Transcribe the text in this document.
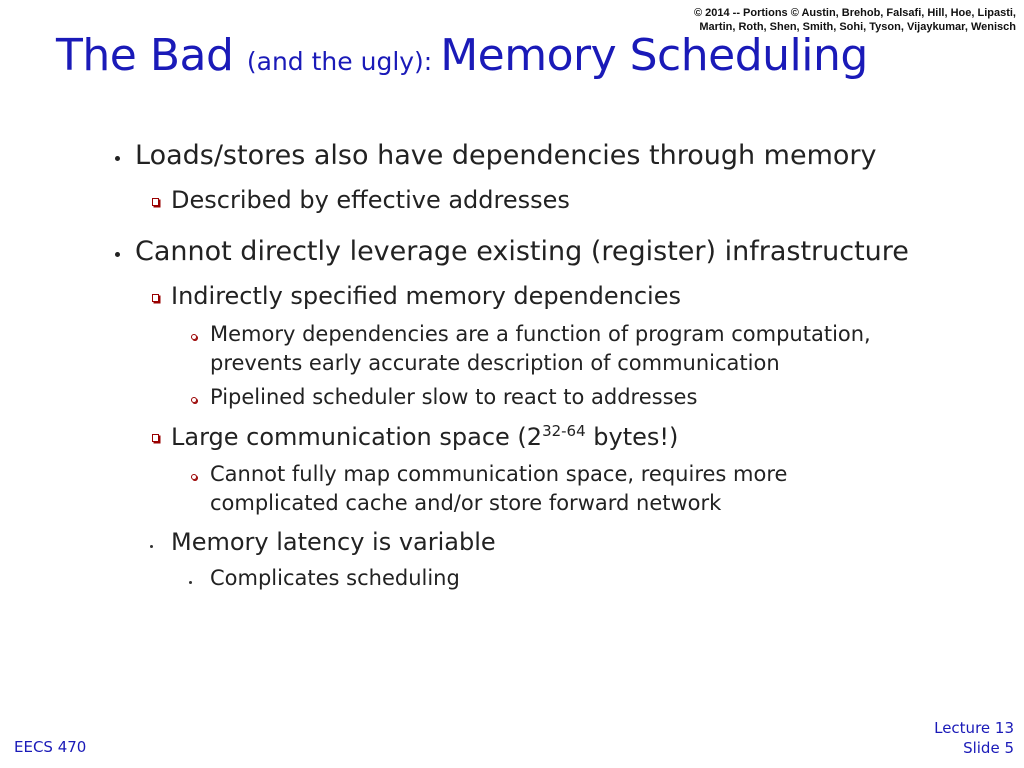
© 2014 -- Portions © Austin, Brehob, Falsafi, Hill, Hoe, Lipasti,
Martin, Roth, Shen, Smith, Sohi, Tyson, Vijaykumar, Wenisch
The Bad (and the ugly): Memory Scheduling
Loads/stores also have dependencies through memory
Described by effective addresses
Cannot directly leverage existing (register) infrastructure
Indirectly specified memory dependencies
Memory dependencies are a function of program computation,
prevents early accurate description of communication
Pipelined scheduler slow to react to addresses
Large communication space (2$^{32-64}$ bytes!)
Cannot fully map communication space, requires more
complicated cache and/or store forward network
Memory latency is variable
Complicates scheduling
EECS 470
Lecture 13
Slide 5
